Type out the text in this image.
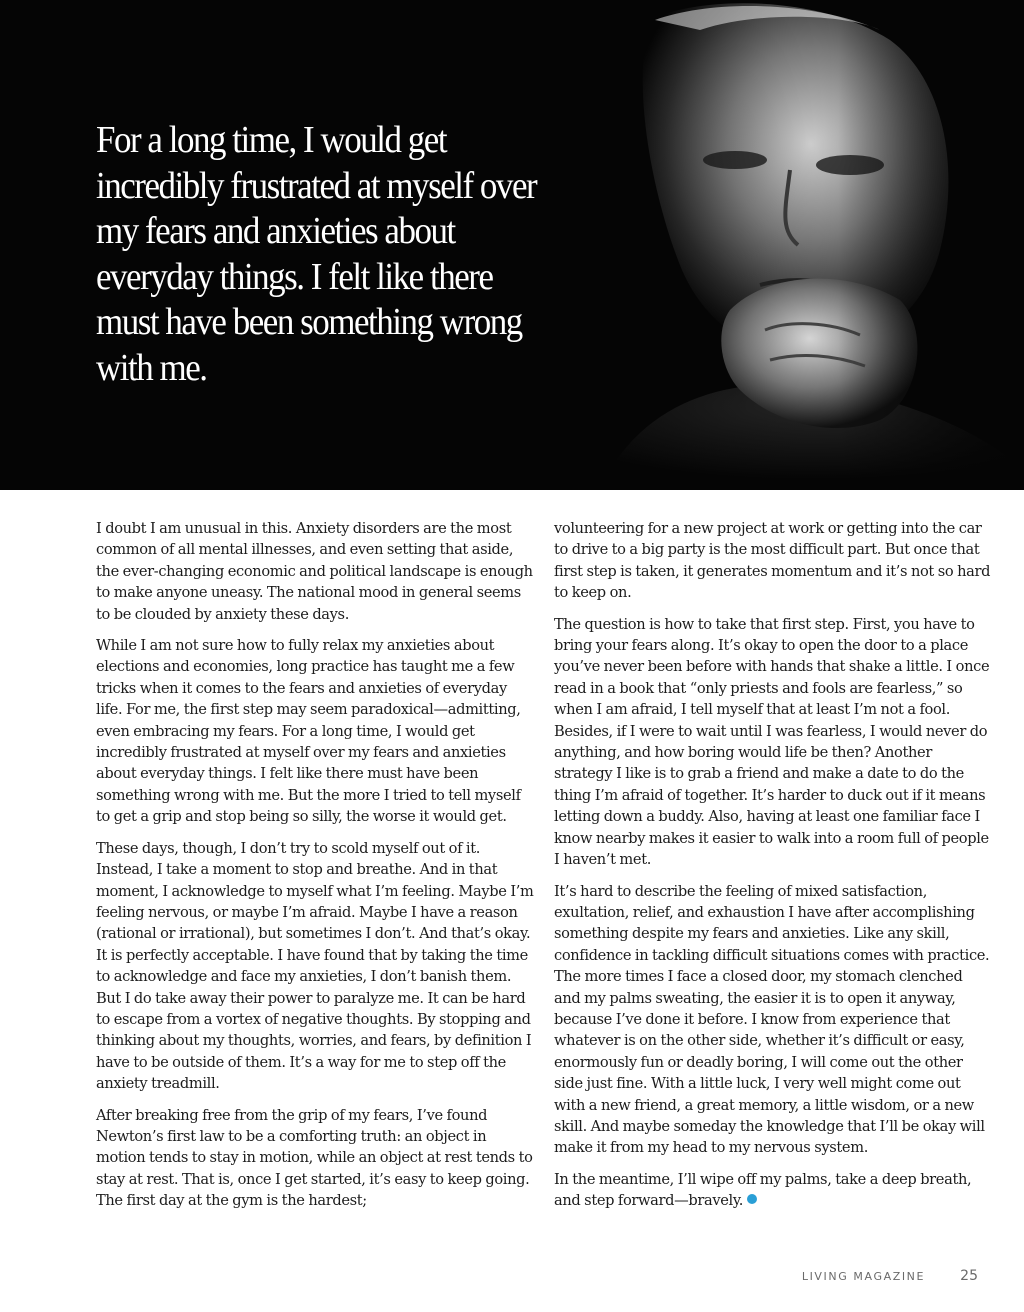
For a long time, I would get incredibly frustrated at myself over my fears and anxieties about everyday things. I felt like there must have been something wrong with me.

I doubt I am unusual in this. Anxiety disorders are the most common of all mental illnesses, and even setting that aside, the ever-changing economic and political landscape is enough to make anyone uneasy. The national mood in general seems to be clouded by anxiety these days.

While I am not sure how to fully relax my anxieties about elections and economies, long practice has taught me a few tricks when it comes to the fears and anxieties of everyday life. For me, the first step may seem paradoxical—admitting, even embracing my fears. For a long time, I would get incredibly frustrated at myself over my fears and anxieties about everyday things. I felt like there must have been something wrong with me. But the more I tried to tell myself to get a grip and stop being so silly, the worse it would get.

These days, though, I don’t try to scold myself out of it. Instead, I take a moment to stop and breathe. And in that moment, I acknowledge to myself what I’m feeling. Maybe I’m feeling nervous, or maybe I’m afraid. Maybe I have a reason (rational or irrational), but sometimes I don’t. And that’s okay. It is perfectly acceptable. I have found that by taking the time to acknowledge and face my anxieties, I don’t banish them. But I do take away their power to paralyze me. It can be hard to escape from a vortex of negative thoughts. By stopping and thinking about my thoughts, worries, and fears, by definition I have to be outside of them. It’s a way for me to step off the anxiety treadmill.

After breaking free from the grip of my fears, I’ve found Newton’s first law to be a comforting truth: an object in motion tends to stay in motion, while an object at rest tends to stay at rest. That is, once I get started, it’s easy to keep going. The first day at the gym is the hardest;

volunteering for a new project at work or getting into the car to drive to a big party is the most difficult part. But once that first step is taken, it generates momentum and it’s not so hard to keep on.

The question is how to take that first step. First, you have to bring your fears along. It’s okay to open the door to a place you’ve never been before with hands that shake a little. I once read in a book that “only priests and fools are fearless,” so when I am afraid, I tell myself that at least I’m not a fool. Besides, if I were to wait until I was fearless, I would never do anything, and how boring would life be then? Another strategy I like is to grab a friend and make a date to do the thing I’m afraid of together. It’s harder to duck out if it means letting down a buddy. Also, having at least one familiar face I know nearby makes it easier to walk into a room full of people I haven’t met.

It’s hard to describe the feeling of mixed satisfaction, exultation, relief, and exhaustion I have after accomplishing something despite my fears and anxieties. Like any skill, confidence in tackling difficult situations comes with practice. The more times I face a closed door, my stomach clenched and my palms sweating, the easier it is to open it anyway, because I’ve done it before. I know from experience that whatever is on the other side, whether it’s difficult or easy, enormously fun or deadly boring, I will come out the other side just fine. With a little luck, I very well might come out with a new friend, a great memory, a little wisdom, or a new skill. And maybe someday the knowledge that I’ll be okay will make it from my head to my nervous system.

In the meantime, I’ll wipe off my palms, take a deep breath, and step forward—bravely.

LIVING MAGAZINE	25
